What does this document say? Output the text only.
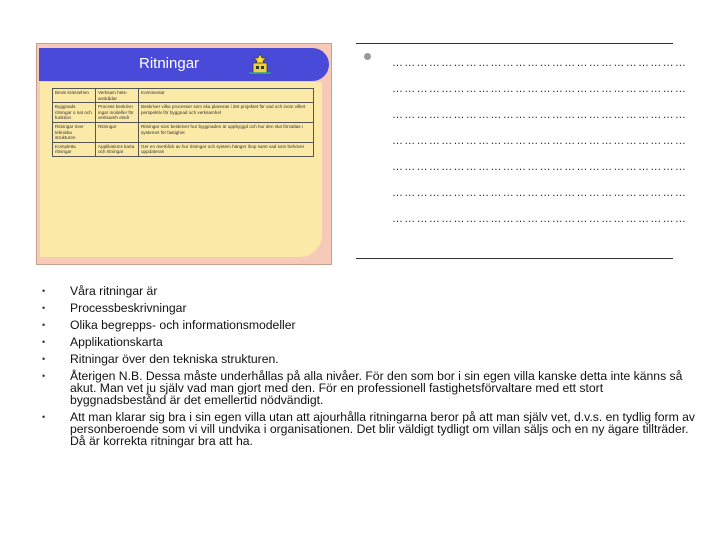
Ritningar
Bevis kränsehen	Verksam hets- anskådar	Kommentar
Byggnads ritningar o nat och funktion	Process beskrivn ingar modeller för verksamh etsdr	Beskriver vilka processer som ska planeras i det projektet för vad och inom vilket perspektiv för byggnad och verksamhet
Ritningar över tekniska strukturen	Ritningar	Ritningar som beskriver hur byggnaden är uppbyggd och hur den ska förvaltas i systemet för fastighet
Kompletta ritningar	Applikations karta och ritningar	Ger en överblick av hur ritningar och system hänger ihop samt vad som behöver uppdateras
………………………………………………………………
………………………………………………………………
………………………………………………………………
………………………………………………………………
………………………………………………………………
………………………………………………………………
………………………………………………………………
• Våra ritningar är
• Processbeskrivningar
• Olika begrepps- och informationsmodeller
• Applikationskarta
• Ritningar över den tekniska strukturen.
• Återigen N.B. Dessa måste underhållas på alla nivåer. För den som bor i sin egen villa kanske detta inte känns så akut. Man vet ju själv vad man gjort med den. För en professionell fastighetsförvaltare med ett stort byggnadsbestånd är det emellertid nödvändigt.
• Att man klarar sig bra i sin egen villa utan att ajourhålla ritningarna beror på att man själv vet, d.v.s. en tydlig form av personberoende som vi vill undvika i organisationen. Det blir väldigt tydligt om villan säljs och en ny ägare tillträder. Då är korrekta ritningar bra att ha.
